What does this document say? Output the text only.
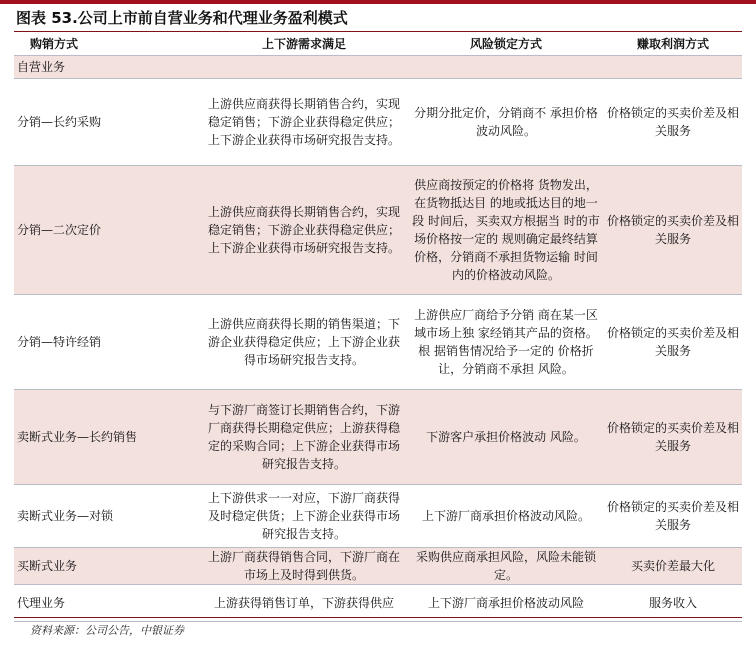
图表 53.公司上市前自营业务和代理业务盈利模式
购销方式	上下游需求满足	风险锁定方式	赚取利润方式
自营业务			
分销—长约采购	上游供应商获得长期销售合约，实现稳定销售；下游企业获得稳定供应；上下游企业获得市场研究报告支持。	分期分批定价，分销商不 承担价格波动风险。	价格锁定的买卖价差及相关服务
分销—二次定价	上游供应商获得长期销售合约，实现稳定销售；下游企业获得稳定供应；上下游企业获得市场研究报告支持。	供应商按预定的价格将 货物发出，在货物抵达目 的地或抵达目的地一段 时间后，买卖双方根据当 时的市场价格按一定的 规则确定最终结算价格，分销商不承担货物运输 时间内的价格波动风险。	价格锁定的买卖价差及相关服务
分销—特许经销	上游供应商获得长期的销售渠道；下游企业获得稳定供应；上下游企业获得市场研究报告支持。	上游供应厂商给予分销 商在某一区域市场上独 家经销其产品的资格。根 据销售情况给予一定的 价格折让，分销商不承担 风险。	价格锁定的买卖价差及相关服务
卖断式业务—长约销售	与下游厂商签订长期销售合约，下游厂商获得长期稳定供应；上游获得稳定的采购合同；上下游企业获得市场研究报告支持。	下游客户承担价格波动 风险。	价格锁定的买卖价差及相关服务
卖断式业务—对锁	上下游供求一一对应，下游厂商获得及时稳定供货；上下游企业获得市场研究报告支持。	上下游厂商承担价格波动风险。	价格锁定的买卖价差及相关服务
买断式业务	上游厂商获得销售合同，下游厂商在市场上及时得到供货。	采购供应商承担风险，风险未能锁定。	买卖价差最大化
代理业务	上游获得销售订单，下游获得供应	上下游厂商承担价格波动风险	服务收入
资料来源：公司公告，中银证券
